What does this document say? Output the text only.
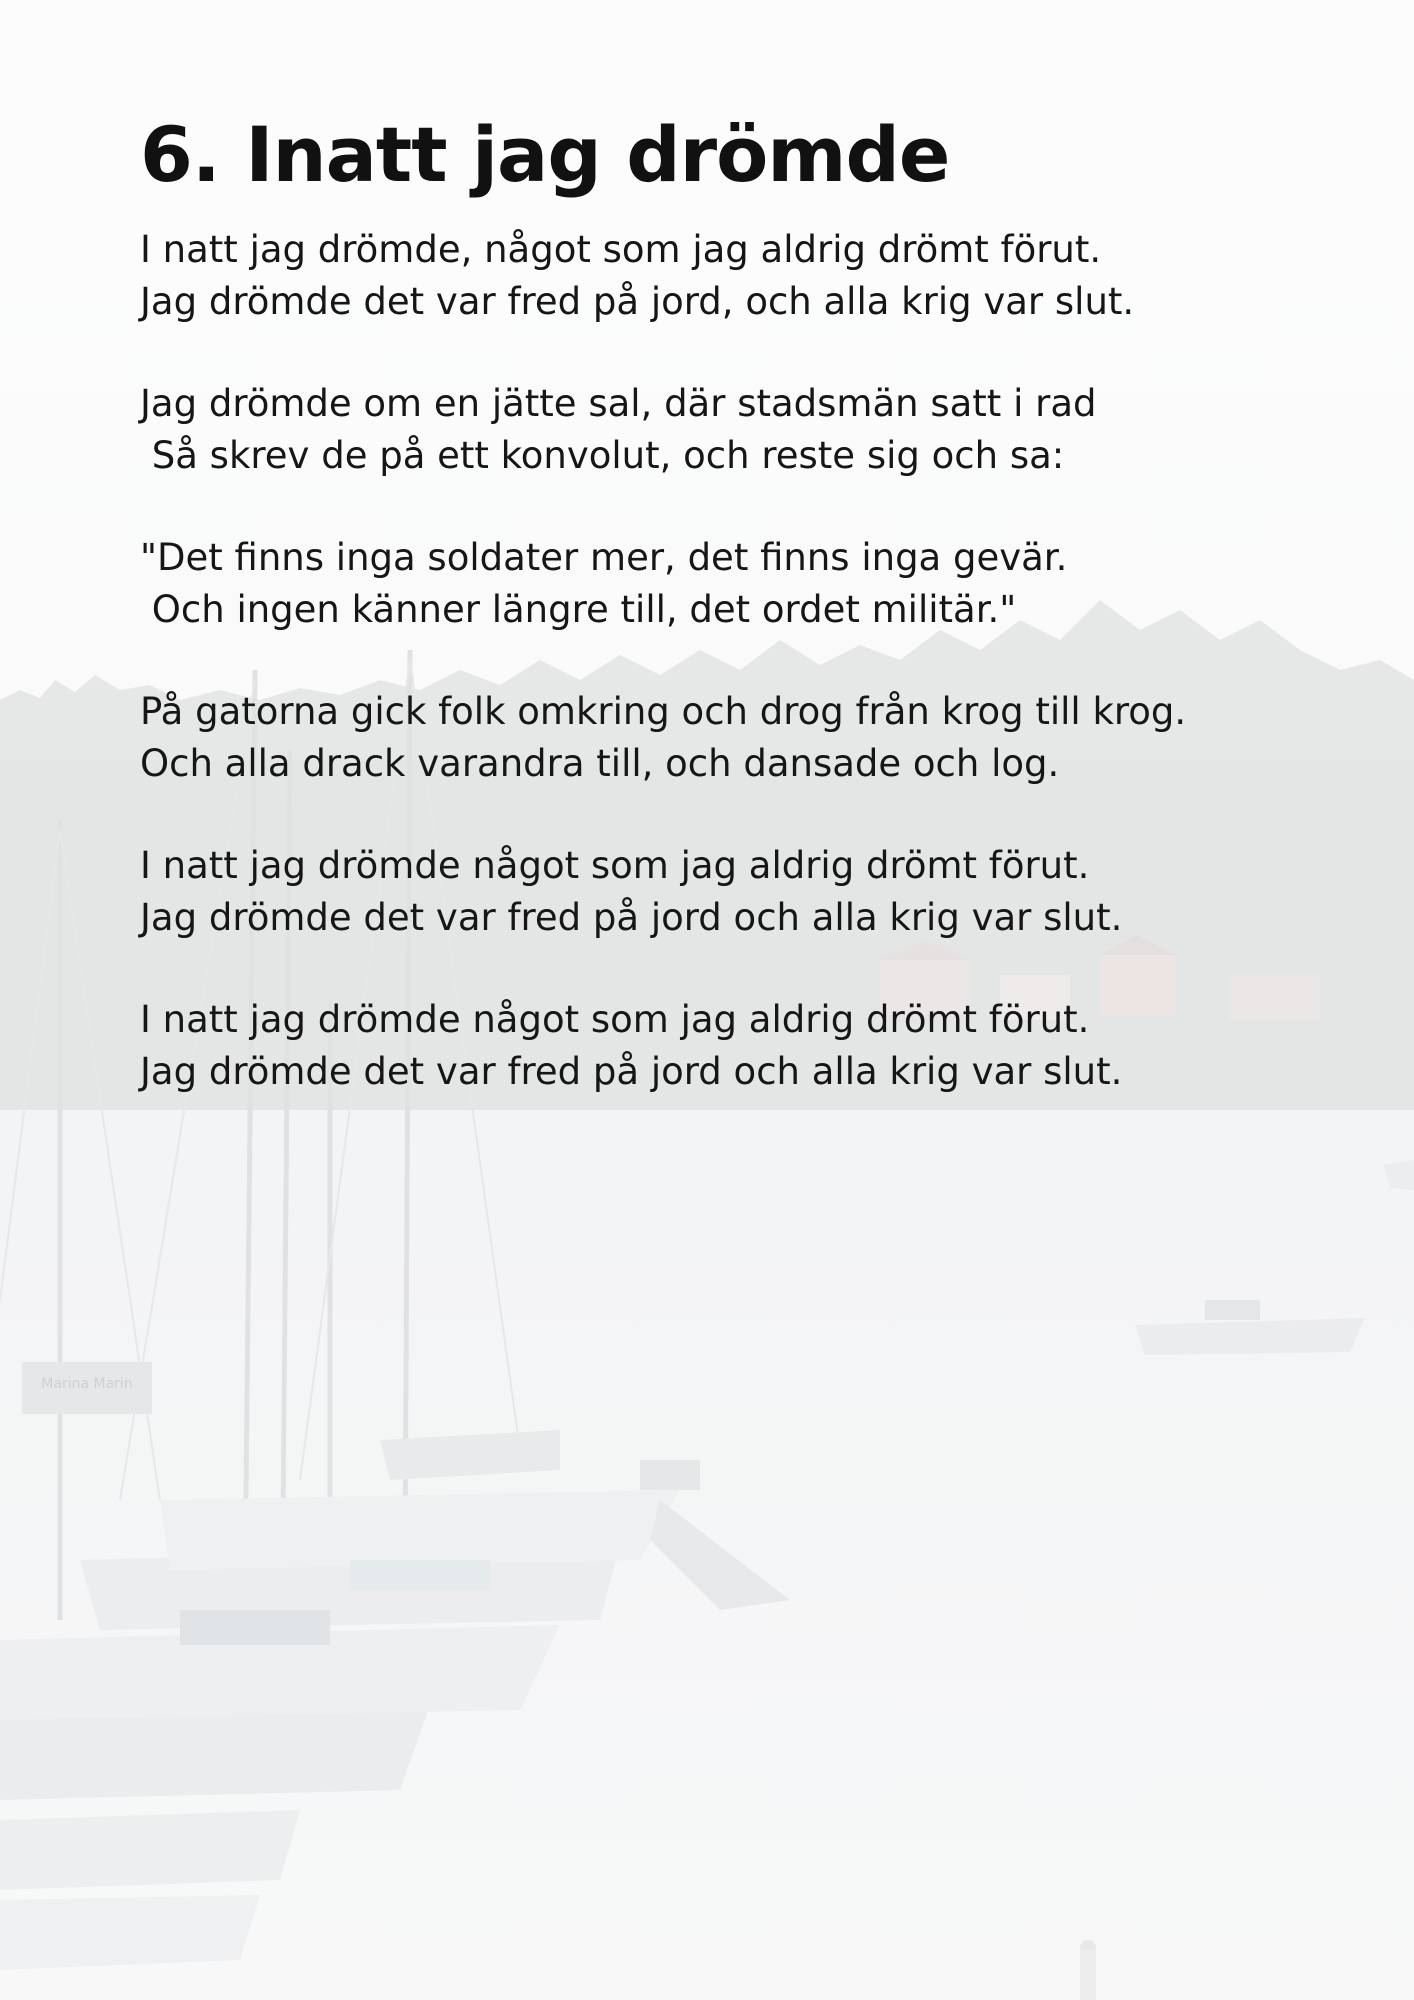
Marina Marin
6. Inatt jag drömde
I natt jag drömde, något som jag aldrig drömt förut.
Jag drömde det var fred på jord, och alla krig var slut.
Jag drömde om en jätte sal, där stadsmän satt i rad
Så skrev de på ett konvolut, och reste sig och sa:
"Det finns inga soldater mer, det finns inga gevär.
Och ingen känner längre till, det ordet militär."
På gatorna gick folk omkring och drog från krog till krog.
Och alla drack varandra till, och dansade och log.
I natt jag drömde något som jag aldrig drömt förut.
Jag drömde det var fred på jord och alla krig var slut.
I natt jag drömde något som jag aldrig drömt förut.
Jag drömde det var fred på jord och alla krig var slut.
